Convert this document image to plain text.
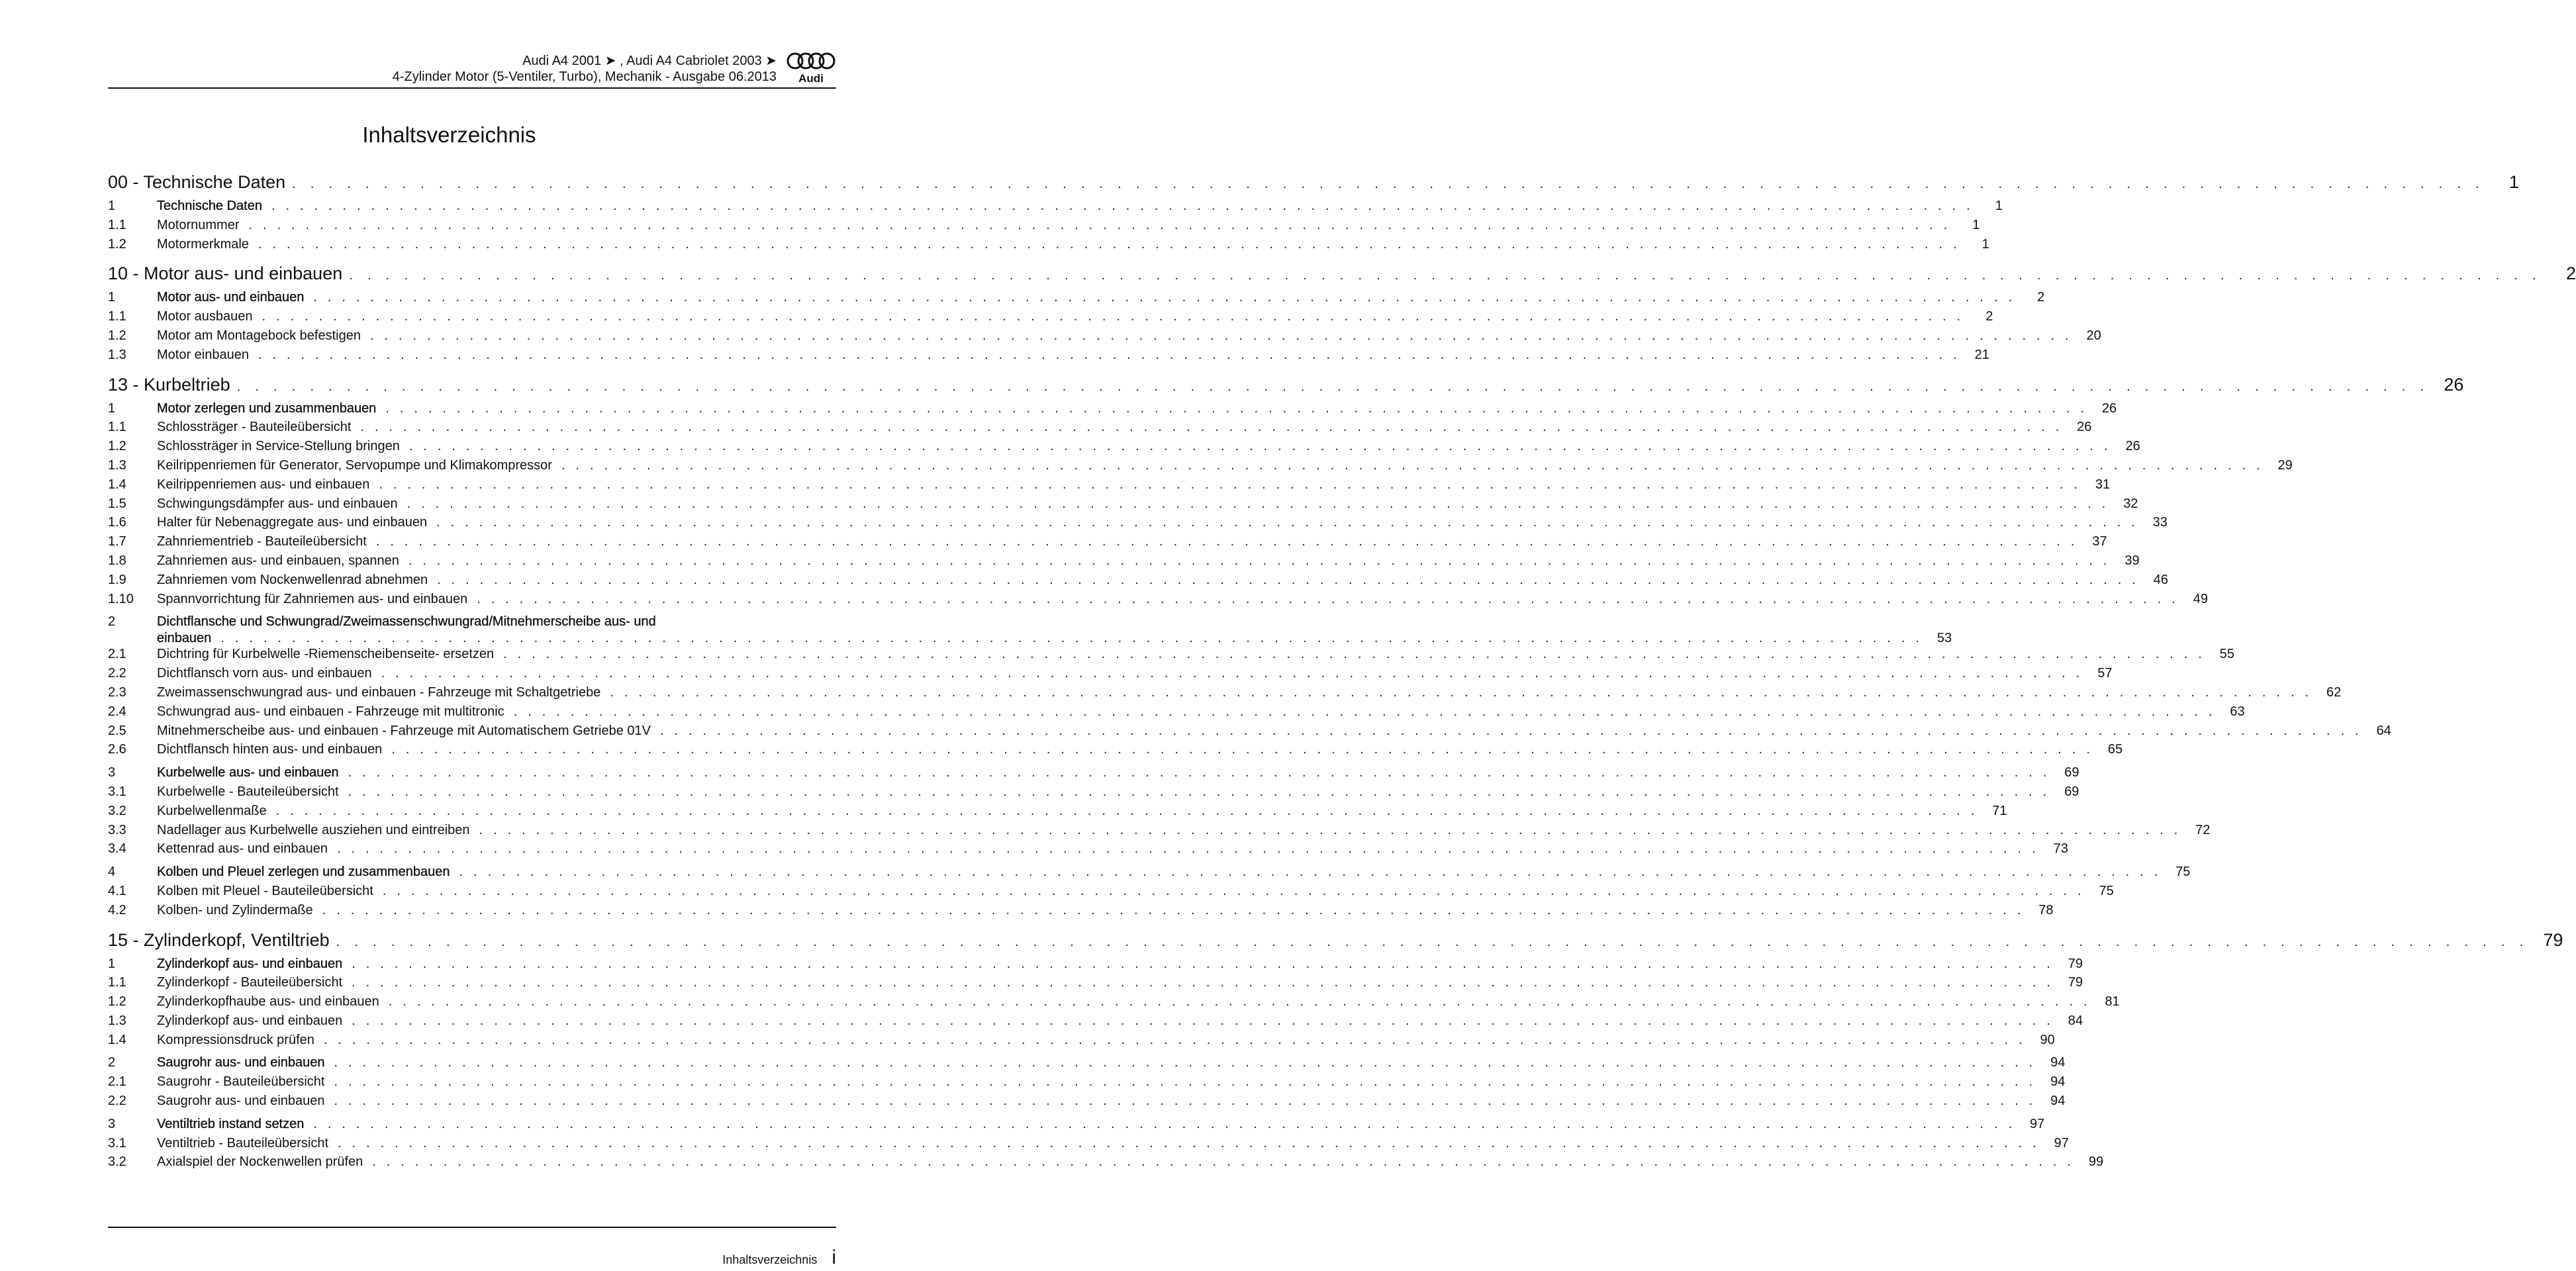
Audi A4 2001 ➤ , Audi A4 Cabriolet 2003 ➤
4-Zylinder Motor (5-Ventiler, Turbo), Mechanik - Ausgabe 06.2013 Audi
Inhaltsverzeichnis
00 - Technische Daten . . . . . . . . . . . . . . . . . . . . . . . . . . . . . . . . . . . . . . . . . . . . . . . . . . . . . . . . . . . . . . . . . . . . . . . . . . . . . . . . . . . . . . . . . . . . . . . . . . . . . . . . . . . . . . . . . . . . . . . .	1
1	Technische Daten . . . . . . . . . . . . . . . . . . . . . . . . . . . . . . . . . . . . . . . . . . . . . . . . . . . . . . . . . . . . . . . . . . . . . . . . . . . . . . . . . . . . . . . . . . . . . . . . . . . . . . . . . . . . . . . . . . . . . . . .	1
1.1	Motornummer . . . . . . . . . . . . . . . . . . . . . . . . . . . . . . . . . . . . . . . . . . . . . . . . . . . . . . . . . . . . . . . . . . . . . . . . . . . . . . . . . . . . . . . . . . . . . . . . . . . . . . . . . . . . . . . . . . . . . . . .	1
1.2	Motormerkmale . . . . . . . . . . . . . . . . . . . . . . . . . . . . . . . . . . . . . . . . . . . . . . . . . . . . . . . . . . . . . . . . . . . . . . . . . . . . . . . . . . . . . . . . . . . . . . . . . . . . . . . . . . . . . . . . . . . . . . . .	1
10 - Motor aus- und einbauen . . . . . . . . . . . . . . . . . . . . . . . . . . . . . . . . . . . . . . . . . . . . . . . . . . . . . . . . . . . . . . . . . . . . . . . . . . . . . . . . . . . . . . . . . . . . . . . . . . . . . . . . . . . . . . . . . . . . . . . .	2
1	Motor aus- und einbauen . . . . . . . . . . . . . . . . . . . . . . . . . . . . . . . . . . . . . . . . . . . . . . . . . . . . . . . . . . . . . . . . . . . . . . . . . . . . . . . . . . . . . . . . . . . . . . . . . . . . . . . . . . . . . . . . . . . . . . . .	2
1.1	Motor ausbauen . . . . . . . . . . . . . . . . . . . . . . . . . . . . . . . . . . . . . . . . . . . . . . . . . . . . . . . . . . . . . . . . . . . . . . . . . . . . . . . . . . . . . . . . . . . . . . . . . . . . . . . . . . . . . . . . . . . . . . . .	2
1.2	Motor am Montagebock befestigen . . . . . . . . . . . . . . . . . . . . . . . . . . . . . . . . . . . . . . . . . . . . . . . . . . . . . . . . . . . . . . . . . . . . . . . . . . . . . . . . . . . . . . . . . . . . . . . . . . . . . . . . . . . . . . . . . . . . . . . .	20
1.3	Motor einbauen . . . . . . . . . . . . . . . . . . . . . . . . . . . . . . . . . . . . . . . . . . . . . . . . . . . . . . . . . . . . . . . . . . . . . . . . . . . . . . . . . . . . . . . . . . . . . . . . . . . . . . . . . . . . . . . . . . . . . . . .	21
13 - Kurbeltrieb . . . . . . . . . . . . . . . . . . . . . . . . . . . . . . . . . . . . . . . . . . . . . . . . . . . . . . . . . . . . . . . . . . . . . . . . . . . . . . . . . . . . . . . . . . . . . . . . . . . . . . . . . . . . . . . . . . . . . . . . 26
1	Motor zerlegen und zusammenbauen . . . . . . . . . . . . . . . . . . . . . . . . . . . . . . . . . . . . . . . . . . . . . . . . . . . . . . . . . . . . . . . . . . . . . . . . . . . . . . . . . . . . . . . . . . . . . . . . . . . . . . . . . . . . . . . . . . . . . . . .	26
1.1	Schlossträger - Bauteileübersicht . . . . . . . . . . . . . . . . . . . . . . . . . . . . . . . . . . . . . . . . . . . . . . . . . . . . . . . . . . . . . . . . . . . . . . . . . . . . . . . . . . . . . . . . . . . . . . . . . . . . . . . . . . . . . . . . . . . . . . . .	26
1.2	Schlossträger in Service-Stellung bringen . . . . . . . . . . . . . . . . . . . . . . . . . . . . . . . . . . . . . . . . . . . . . . . . . . . . . . . . . . . . . . . . . . . . . . . . . . . . . . . . . . . . . . . . . . . . . . . . . . . . . . . . . . . . . . . . . . . . . . . .	26
1.3	Keilrippenriemen für Generator, Servopumpe und Klimakompressor . . . . . . . . . . . . . . . . . . . . . . . . . . . . . . . . . . . . . . . . . . . . . . . . . . . . . . . . . . . . . . . . . . . . . . . . . . . . . . . . . . . . . . . . . . . . . . . . . . . . . . . . . . . . . . . . . . . . . . . .	29
1.4	Keilrippenriemen aus- und einbauen . . . . . . . . . . . . . . . . . . . . . . . . . . . . . . . . . . . . . . . . . . . . . . . . . . . . . . . . . . . . . . . . . . . . . . . . . . . . . . . . . . . . . . . . . . . . . . . . . . . . . . . . . . . . . . . . . . . . . . . .	31
1.5	Schwingungsdämpfer aus- und einbauen . . . . . . . . . . . . . . . . . . . . . . . . . . . . . . . . . . . . . . . . . . . . . . . . . . . . . . . . . . . . . . . . . . . . . . . . . . . . . . . . . . . . . . . . . . . . . . . . . . . . . . . . . . . . . . . . . . . . . . . .	32
1.6	Halter für Nebenaggregate aus- und einbauen . . . . . . . . . . . . . . . . . . . . . . . . . . . . . . . . . . . . . . . . . . . . . . . . . . . . . . . . . . . . . . . . . . . . . . . . . . . . . . . . . . . . . . . . . . . . . . . . . . . . . . . . . . . . . . . . . . . . . . . .	33
1.7	Zahnriementrieb - Bauteileübersicht . . . . . . . . . . . . . . . . . . . . . . . . . . . . . . . . . . . . . . . . . . . . . . . . . . . . . . . . . . . . . . . . . . . . . . . . . . . . . . . . . . . . . . . . . . . . . . . . . . . . . . . . . . . . . . . . . . . . . . . .	37
1.8	Zahnriemen aus- und einbauen, spannen . . . . . . . . . . . . . . . . . . . . . . . . . . . . . . . . . . . . . . . . . . . . . . . . . . . . . . . . . . . . . . . . . . . . . . . . . . . . . . . . . . . . . . . . . . . . . . . . . . . . . . . . . . . . . . . . . . . . . . . .	39
1.9	Zahnriemen vom Nockenwellenrad abnehmen . . . . . . . . . . . . . . . . . . . . . . . . . . . . . . . . . . . . . . . . . . . . . . . . . . . . . . . . . . . . . . . . . . . . . . . . . . . . . . . . . . . . . . . . . . . . . . . . . . . . . . . . . . . . . . . . . . . . . . . .	46
1.10	Spannvorrichtung für Zahnriemen aus- und einbauen . . . . . . . . . . . . . . . . . . . . . . . . . . . . . . . . . . . . . . . . . . . . . . . . . . . . . . . . . . . . . . . . . . . . . . . . . . . . . . . . . . . . . . . . . . . . . . . . . . . . . . . . . . . . . . . . . . . . . . . .	49
2	Dichtflansche und Schwungrad/Zweimassenschwungrad/Mitnehmerscheibe aus- und
einbauen . . . . . . . . . . . . . . . . . . . . . . . . . . . . . . . . . . . . . . . . . . . . . . . . . . . . . . . . . . . . . . . . . . . . . . . . . . . . . . . . . . . . . . . . . . . . . . . . . . . . . . . . . . . . . . . . . . . . . . . .	53
2.1	Dichtring für Kurbelwelle -Riemenscheibenseite- ersetzen . . . . . . . . . . . . . . . . . . . . . . . . . . . . . . . . . . . . . . . . . . . . . . . . . . . . . . . . . . . . . . . . . . . . . . . . . . . . . . . . . . . . . . . . . . . . . . . . . . . . . . . . . . . . . . . . . . . . . . . .	55
2.2	Dichtflansch vorn aus- und einbauen . . . . . . . . . . . . . . . . . . . . . . . . . . . . . . . . . . . . . . . . . . . . . . . . . . . . . . . . . . . . . . . . . . . . . . . . . . . . . . . . . . . . . . . . . . . . . . . . . . . . . . . . . . . . . . . . . . . . . . . .	57
2.3	Zweimassenschwungrad aus- und einbauen - Fahrzeuge mit Schaltgetriebe . . . . . . . . . . . . . . . . . . . . . . . . . . . . . . . . . . . . . . . . . . . . . . . . . . . . . . . . . . . . . . . . . . . . . . . . . . . . . . . . . . . . . . . . . . . . . . . . . . . . . . . . . . . . . . . . . . . . . . . .	62
2.4	Schwungrad aus- und einbauen - Fahrzeuge mit multitronic . . . . . . . . . . . . . . . . . . . . . . . . . . . . . . . . . . . . . . . . . . . . . . . . . . . . . . . . . . . . . . . . . . . . . . . . . . . . . . . . . . . . . . . . . . . . . . . . . . . . . . . . . . . . . . . . . . . . . . . .	63
2.5	Mitnehmerscheibe aus- und einbauen - Fahrzeuge mit Automatischem Getriebe 01V . . . . . . . . . . . . . . . . . . . . . . . . . . . . . . . . . . . . . . . . . . . . . . . . . . . . . . . . . . . . . . . . . . . . . . . . . . . . . . . . . . . . . . . . . . . . . . . . . . . . . . . . . . . . . . . . . . . . . . . .	64
2.6	Dichtflansch hinten aus- und einbauen . . . . . . . . . . . . . . . . . . . . . . . . . . . . . . . . . . . . . . . . . . . . . . . . . . . . . . . . . . . . . . . . . . . . . . . . . . . . . . . . . . . . . . . . . . . . . . . . . . . . . . . . . . . . . . . . . . . . . . . .	65
3	Kurbelwelle aus- und einbauen . . . . . . . . . . . . . . . . . . . . . . . . . . . . . . . . . . . . . . . . . . . . . . . . . . . . . . . . . . . . . . . . . . . . . . . . . . . . . . . . . . . . . . . . . . . . . . . . . . . . . . . . . . . . . . . . . . . . . . . .	69
3.1	Kurbelwelle - Bauteileübersicht . . . . . . . . . . . . . . . . . . . . . . . . . . . . . . . . . . . . . . . . . . . . . . . . . . . . . . . . . . . . . . . . . . . . . . . . . . . . . . . . . . . . . . . . . . . . . . . . . . . . . . . . . . . . . . . . . . . . . . . .	69
3.2	Kurbelwellenmaße . . . . . . . . . . . . . . . . . . . . . . . . . . . . . . . . . . . . . . . . . . . . . . . . . . . . . . . . . . . . . . . . . . . . . . . . . . . . . . . . . . . . . . . . . . . . . . . . . . . . . . . . . . . . . . . . . . . . . . . .	71
3.3	Nadellager aus Kurbelwelle ausziehen und eintreiben . . . . . . . . . . . . . . . . . . . . . . . . . . . . . . . . . . . . . . . . . . . . . . . . . . . . . . . . . . . . . . . . . . . . . . . . . . . . . . . . . . . . . . . . . . . . . . . . . . . . . . . . . . . . . . . . . . . . . . . .	72
3.4	Kettenrad aus- und einbauen . . . . . . . . . . . . . . . . . . . . . . . . . . . . . . . . . . . . . . . . . . . . . . . . . . . . . . . . . . . . . . . . . . . . . . . . . . . . . . . . . . . . . . . . . . . . . . . . . . . . . . . . . . . . . . . . . . . . . . . .	73
4	Kolben und Pleuel zerlegen und zusammenbauen . . . . . . . . . . . . . . . . . . . . . . . . . . . . . . . . . . . . . . . . . . . . . . . . . . . . . . . . . . . . . . . . . . . . . . . . . . . . . . . . . . . . . . . . . . . . . . . . . . . . . . . . . . . . . . . . . . . . . . . .	75
4.1	Kolben mit Pleuel - Bauteileübersicht . . . . . . . . . . . . . . . . . . . . . . . . . . . . . . . . . . . . . . . . . . . . . . . . . . . . . . . . . . . . . . . . . . . . . . . . . . . . . . . . . . . . . . . . . . . . . . . . . . . . . . . . . . . . . . . . . . . . . . . .	75
4.2	Kolben- und Zylindermaße . . . . . . . . . . . . . . . . . . . . . . . . . . . . . . . . . . . . . . . . . . . . . . . . . . . . . . . . . . . . . . . . . . . . . . . . . . . . . . . . . . . . . . . . . . . . . . . . . . . . . . . . . . . . . . . . . . . . . . . .	78
15 - Zylinderkopf, Ventiltrieb . . . . . . . . . . . . . . . . . . . . . . . . . . . . . . . . . . . . . . . . . . . . . . . . . . . . . . . . . . . . . . . . . . . . . . . . . . . . . . . . . . . . . . . . . . . . . . . . . . . . . . . . . . . . . . . . . . . . . . . . 79
1	Zylinderkopf aus- und einbauen . . . . . . . . . . . . . . . . . . . . . . . . . . . . . . . . . . . . . . . . . . . . . . . . . . . . . . . . . . . . . . . . . . . . . . . . . . . . . . . . . . . . . . . . . . . . . . . . . . . . . . . . . . . . . . . . . . . . . . . .	79
1.1	Zylinderkopf - Bauteileübersicht . . . . . . . . . . . . . . . . . . . . . . . . . . . . . . . . . . . . . . . . . . . . . . . . . . . . . . . . . . . . . . . . . . . . . . . . . . . . . . . . . . . . . . . . . . . . . . . . . . . . . . . . . . . . . . . . . . . . . . . .	79
1.2	Zylinderkopfhaube aus- und einbauen . . . . . . . . . . . . . . . . . . . . . . . . . . . . . . . . . . . . . . . . . . . . . . . . . . . . . . . . . . . . . . . . . . . . . . . . . . . . . . . . . . . . . . . . . . . . . . . . . . . . . . . . . . . . . . . . . . . . . . . .	81
1.3	Zylinderkopf aus- und einbauen . . . . . . . . . . . . . . . . . . . . . . . . . . . . . . . . . . . . . . . . . . . . . . . . . . . . . . . . . . . . . . . . . . . . . . . . . . . . . . . . . . . . . . . . . . . . . . . . . . . . . . . . . . . . . . . . . . . . . . . .	84
1.4	Kompressionsdruck prüfen . . . . . . . . . . . . . . . . . . . . . . . . . . . . . . . . . . . . . . . . . . . . . . . . . . . . . . . . . . . . . . . . . . . . . . . . . . . . . . . . . . . . . . . . . . . . . . . . . . . . . . . . . . . . . . . . . . . . . . . .	90
2	Saugrohr aus- und einbauen . . . . . . . . . . . . . . . . . . . . . . . . . . . . . . . . . . . . . . . . . . . . . . . . . . . . . . . . . . . . . . . . . . . . . . . . . . . . . . . . . . . . . . . . . . . . . . . . . . . . . . . . . . . . . . . . . . . . . . . .	94
2.1	Saugrohr - Bauteileübersicht . . . . . . . . . . . . . . . . . . . . . . . . . . . . . . . . . . . . . . . . . . . . . . . . . . . . . . . . . . . . . . . . . . . . . . . . . . . . . . . . . . . . . . . . . . . . . . . . . . . . . . . . . . . . . . . . . . . . . . . .	94
2.2	Saugrohr aus- und einbauen . . . . . . . . . . . . . . . . . . . . . . . . . . . . . . . . . . . . . . . . . . . . . . . . . . . . . . . . . . . . . . . . . . . . . . . . . . . . . . . . . . . . . . . . . . . . . . . . . . . . . . . . . . . . . . . . . . . . . . . .	94
3	Ventiltrieb instand setzen . . . . . . . . . . . . . . . . . . . . . . . . . . . . . . . . . . . . . . . . . . . . . . . . . . . . . . . . . . . . . . . . . . . . . . . . . . . . . . . . . . . . . . . . . . . . . . . . . . . . . . . . . . . . . . . . . . . . . . . .	97
3.1	Ventiltrieb - Bauteileübersicht . . . . . . . . . . . . . . . . . . . . . . . . . . . . . . . . . . . . . . . . . . . . . . . . . . . . . . . . . . . . . . . . . . . . . . . . . . . . . . . . . . . . . . . . . . . . . . . . . . . . . . . . . . . . . . . . . . . . . . . .	97
3.2	Axialspiel der Nockenwellen prüfen . . . . . . . . . . . . . . . . . . . . . . . . . . . . . . . . . . . . . . . . . . . . . . . . . . . . . . . . . . . . . . . . . . . . . . . . . . . . . . . . . . . . . . . . . . . . . . . . . . . . . . . . . . . . . . . . . . . . . . . .	99
Inhaltsverzeichnis i
